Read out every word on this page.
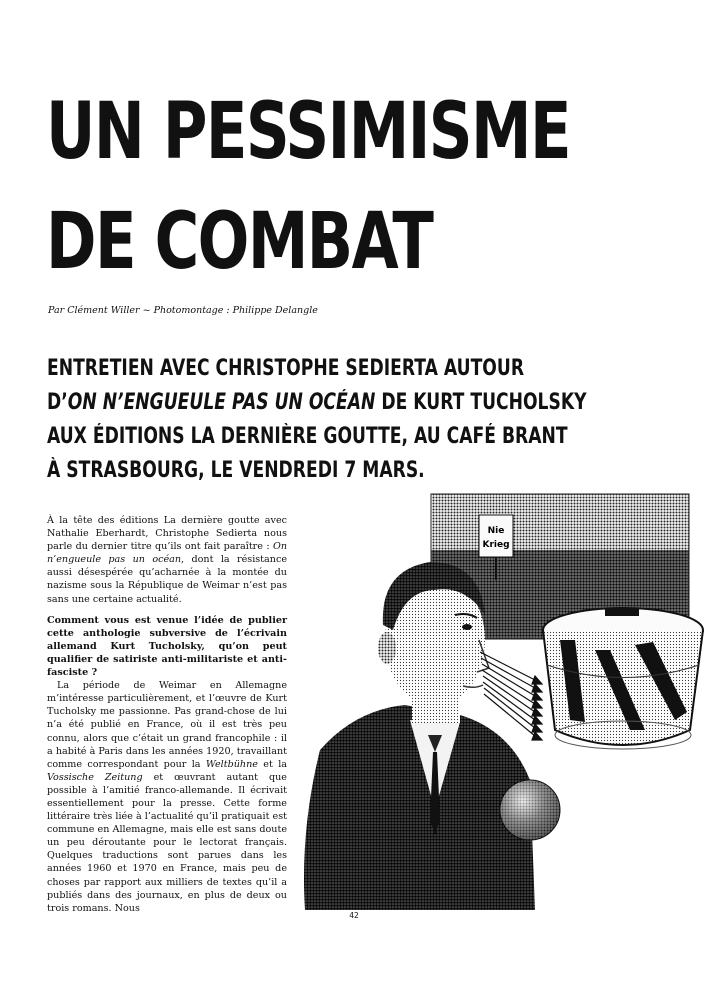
UN PESSIMISME
DE COMBAT

Par Clément Willer ~ Photomontage : Philippe Delangle

ENTRETIEN AVEC CHRISTOPHE SEDIERTA AUTOUR

D’ON N’ENGUEULE PAS UN OCÉAN DE KURT TUCHOLSKY

AUX ÉDITIONS LA DERNIÈRE GOUTTE, AU CAFÉ BRANT

À STRASBOURG, LE VENDREDI 7 MARS.

À la tête des éditions La dernière goutte avec Nathalie Eberhardt, Christophe Sedierta nous parle du dernier titre qu’ils ont fait paraître : On n’engueule pas un océan, dont la résistance aussi désespérée qu’acharnée à la montée du nazisme sous la République de Weimar n’est pas sans une certaine actualité.

Comment vous est venue l’idée de publier cette anthologie subversive de l’écrivain allemand Kurt Tucholsky, qu’on peut qualifier de satiriste anti-militariste et anti-fasciste ?

La période de Weimar en Allemagne m’intéresse particulièrement, et l’œuvre de Kurt Tucholsky me passionne. Pas grand-chose de lui n’a été publié en France, où il est très peu connu, alors que c’était un grand francophile : il a habité à Paris dans les années 1920, travaillant comme correspondant pour la Weltbühne et la Vossische Zeitung et œuvrant autant que possible à l’amitié franco-allemande. Il écrivait essentiellement pour la presse. Cette forme littéraire très liée à l’actualité qu’il pratiquait est commune en Allemagne, mais elle est sans doute un peu déroutante pour le lectorat français. Quelques traductions sont parues dans les années 1960 et 1970 en France, mais peu de choses par rapport aux milliers de textes qu’il a publiés dans des journaux, en plus de deux ou trois romans. Nous

Nie
Krieg
42
